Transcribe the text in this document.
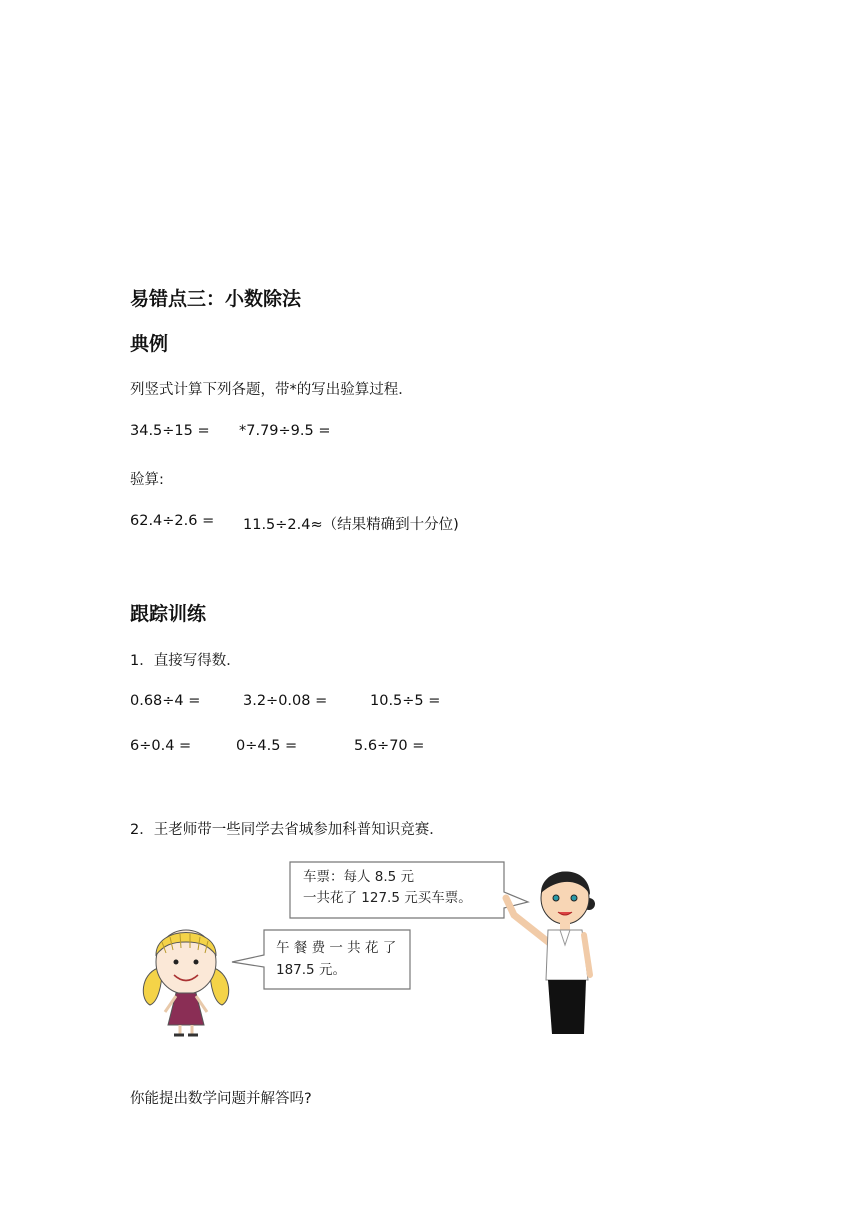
易错点三：小数除法
典例
列竖式计算下列各题，带*的写出验算过程．
34.5÷15 = *7.79÷9.5 =
验算:
62.4÷2.6 = 11.5÷2.4≈（结果精确到十分位)
跟踪训练
1．直接写得数．
0.68÷4 =	3.2÷0.08 =	10.5÷5 =
6÷0.4 =	0÷4.5 =	5.6÷70 =
2．王老师带一些同学去省城参加科普知识竞赛．
车票：每人 8.5 元
一共花了 127.5 元买车票。
午 餐 费 一 共 花 了
187.5 元。
你能提出数学问题并解答吗?
